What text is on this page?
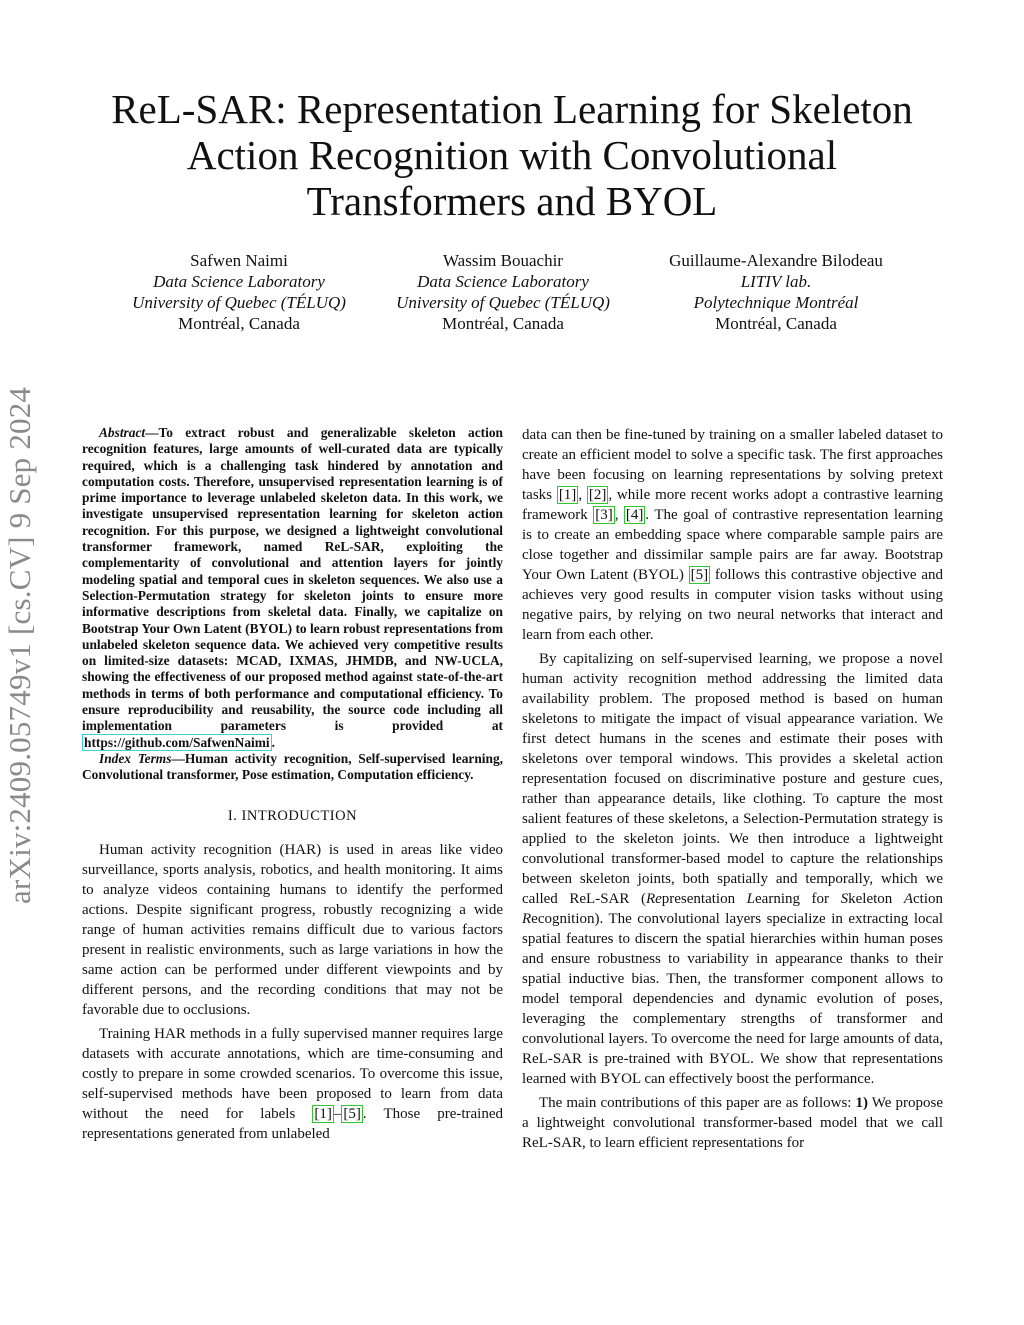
arXiv:2409.05749v1 [cs.CV] 9 Sep 2024
ReL-SAR: Representation Learning for Skeleton
Action Recognition with Convolutional
Transformers and BYOL
Safwen Naimi
Data Science Laboratory
University of Quebec (TÉLUQ)
Montréal, Canada
Wassim Bouachir
Data Science Laboratory
University of Quebec (TÉLUQ)
Montréal, Canada
Guillaume-Alexandre Bilodeau
LITIV lab.
Polytechnique Montréal
Montréal, Canada

Abstract—To extract robust and generalizable skeleton action recognition features, large amounts of well-curated data are typically required, which is a challenging task hindered by annotation and computation costs. Therefore, unsupervised representation learning is of prime importance to leverage unlabeled skeleton data. In this work, we investigate unsupervised representation learning for skeleton action recognition. For this purpose, we designed a lightweight convolutional transformer framework, named ReL-SAR, exploiting the complementarity of convolutional and attention layers for jointly modeling spatial and temporal cues in skeleton sequences. We also use a Selection-Permutation strategy for skeleton joints to ensure more informative descriptions from skeletal data. Finally, we capitalize on Bootstrap Your Own Latent (BYOL) to learn robust representations from unlabeled skeleton sequence data. We achieved very competitive results on limited-size datasets: MCAD, IXMAS, JHMDB, and NW-UCLA, showing the effectiveness of our proposed method against state-of-the-art methods in terms of both performance and computational efficiency. To ensure reproducibility and reusability, the source code including all implementation parameters is provided at https://github.com/SafwenNaimi .

Index Terms—Human activity recognition, Self-supervised learning, Convolutional transformer, Pose estimation, Computation efficiency.

I. INTRODUCTION

Human activity recognition (HAR) is used in areas like video surveillance, sports analysis, robotics, and health monitoring. It aims to analyze videos containing humans to identify the performed actions. Despite significant progress, robustly recognizing a wide range of human activities remains difficult due to various factors present in realistic environments, such as large variations in how the same action can be performed under different viewpoints and by different persons, and the recording conditions that may not be favorable due to occlusions.

Training HAR methods in a fully supervised manner requires large datasets with accurate annotations, which are time-consuming and costly to prepare in some crowded scenarios. To overcome this issue, self-supervised methods have been proposed to learn from data without the need for labels [1] – [5] . Those pre-trained representations generated from unlabeled

data can then be fine-tuned by training on a smaller labeled dataset to create an efficient model to solve a specific task. The first approaches have been focusing on learning representations by solving pretext tasks [1] , [2] , while more recent works adopt a contrastive learning framework [3] , [4] . The goal of contrastive representation learning is to create an embedding space where comparable sample pairs are close together and dissimilar sample pairs are far away. Bootstrap Your Own Latent (BYOL) [5] follows this contrastive objective and achieves very good results in computer vision tasks without using negative pairs, by relying on two neural networks that interact and learn from each other.

By capitalizing on self-supervised learning, we propose a novel human activity recognition method addressing the limited data availability problem. The proposed method is based on human skeletons to mitigate the impact of visual appearance variation. We first detect humans in the scenes and estimate their poses with skeletons over temporal windows. This provides a skeletal action representation focused on discriminative posture and gesture cues, rather than appearance details, like clothing. To capture the most salient features of these skeletons, a Selection-Permutation strategy is applied to the skeleton joints. We then introduce a lightweight convolutional transformer-based model to capture the relationships between skeleton joints, both spatially and temporally, which we called ReL-SAR (Representation Learning for Skeleton Action Recognition). The convolutional layers specialize in extracting local spatial features to discern the spatial hierarchies within human poses and ensure robustness to variability in appearance thanks to their spatial inductive bias. Then, the transformer component allows to model temporal dependencies and dynamic evolution of poses, leveraging the complementary strengths of transformer and convolutional layers. To overcome the need for large amounts of data, ReL-SAR is pre-trained with BYOL. We show that representations learned with BYOL can effectively boost the performance.

The main contributions of this paper are as follows: 1) We propose a lightweight convolutional transformer-based model that we call ReL-SAR, to learn efficient representations for
